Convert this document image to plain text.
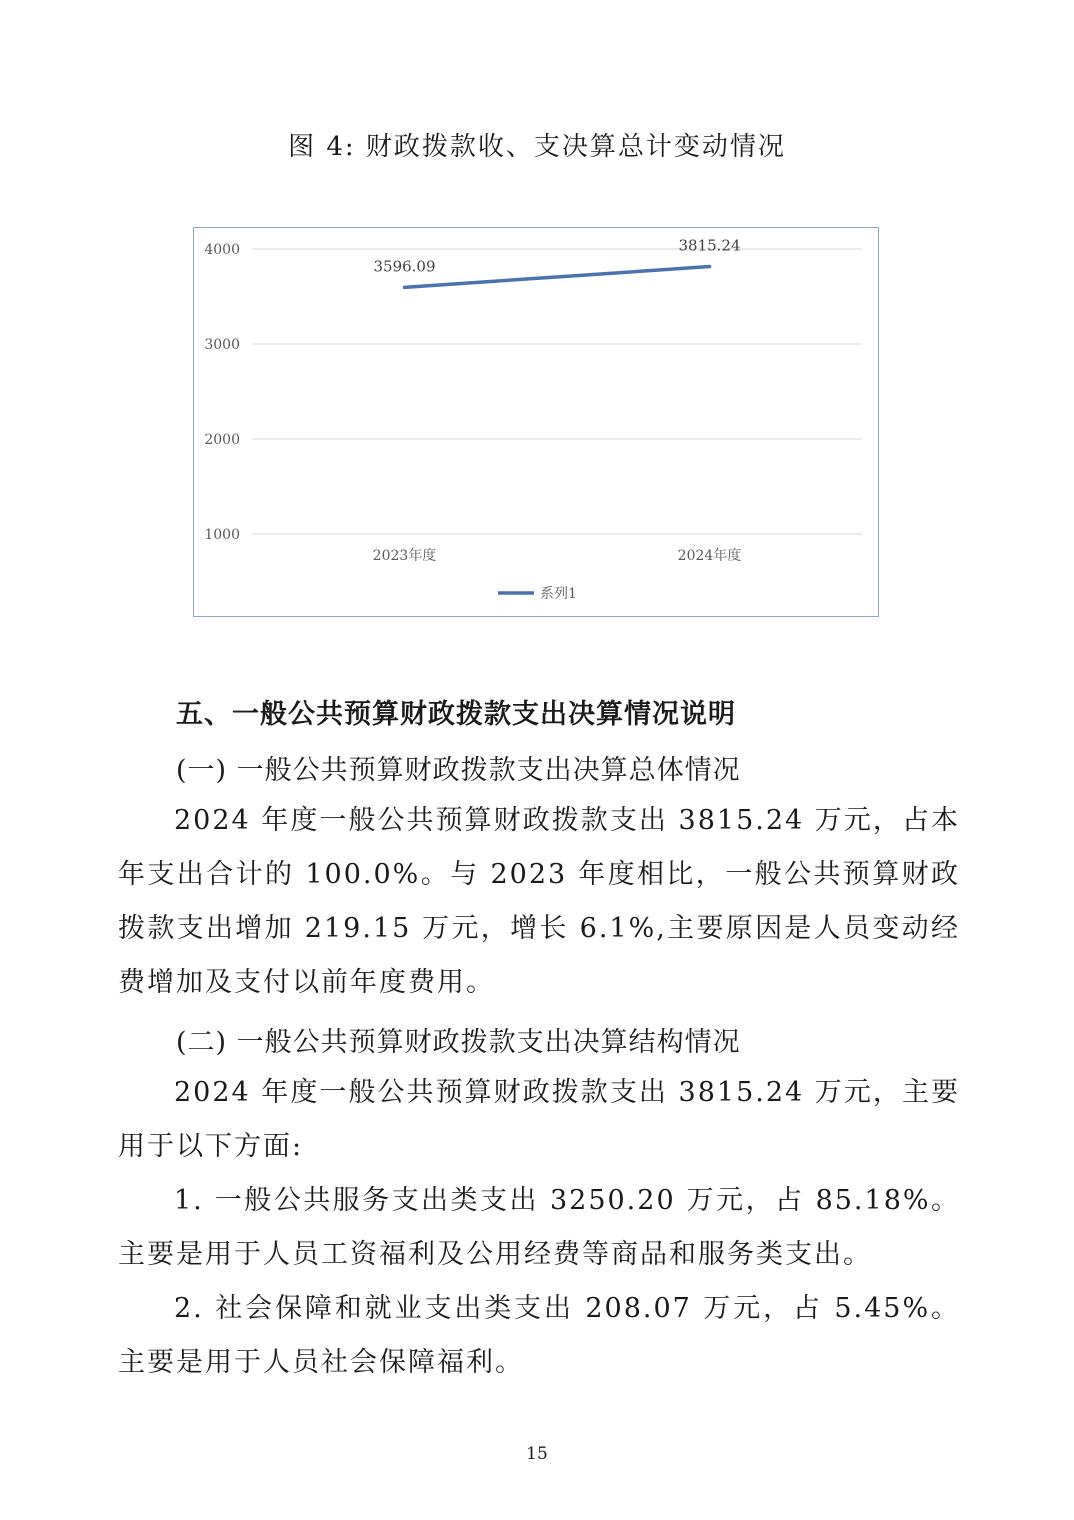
图 4: 财政拨款收、支决算总计变动情况
1000
2000
3000
4000
2023年度	2024年度
3596.09
3815.24
系列1
五、一般公共预算财政拨款支出决算情况说明
(一) 一般公共预算财政拨款支出决算总体情况
2024 年度一般公共预算财政拨款支出 3815.24 万元，占本年支出合计的 100.0%。与 2023 年度相比，一般公共预算财政拨款支出增加 219.15 万元，增长 6.1%,主要原因是人员变动经费增加及支付以前年度费用。
(二) 一般公共预算财政拨款支出决算结构情况
2024 年度一般公共预算财政拨款支出 3815.24 万元，主要用于以下方面:
1. 一般公共服务支出类支出 3250.20 万元，占 85.18%。主要是用于人员工资福利及公用经费等商品和服务类支出。
2. 社会保障和就业支出类支出 208.07 万元，占 5.45%。主要是用于人员社会保障福利。
15
